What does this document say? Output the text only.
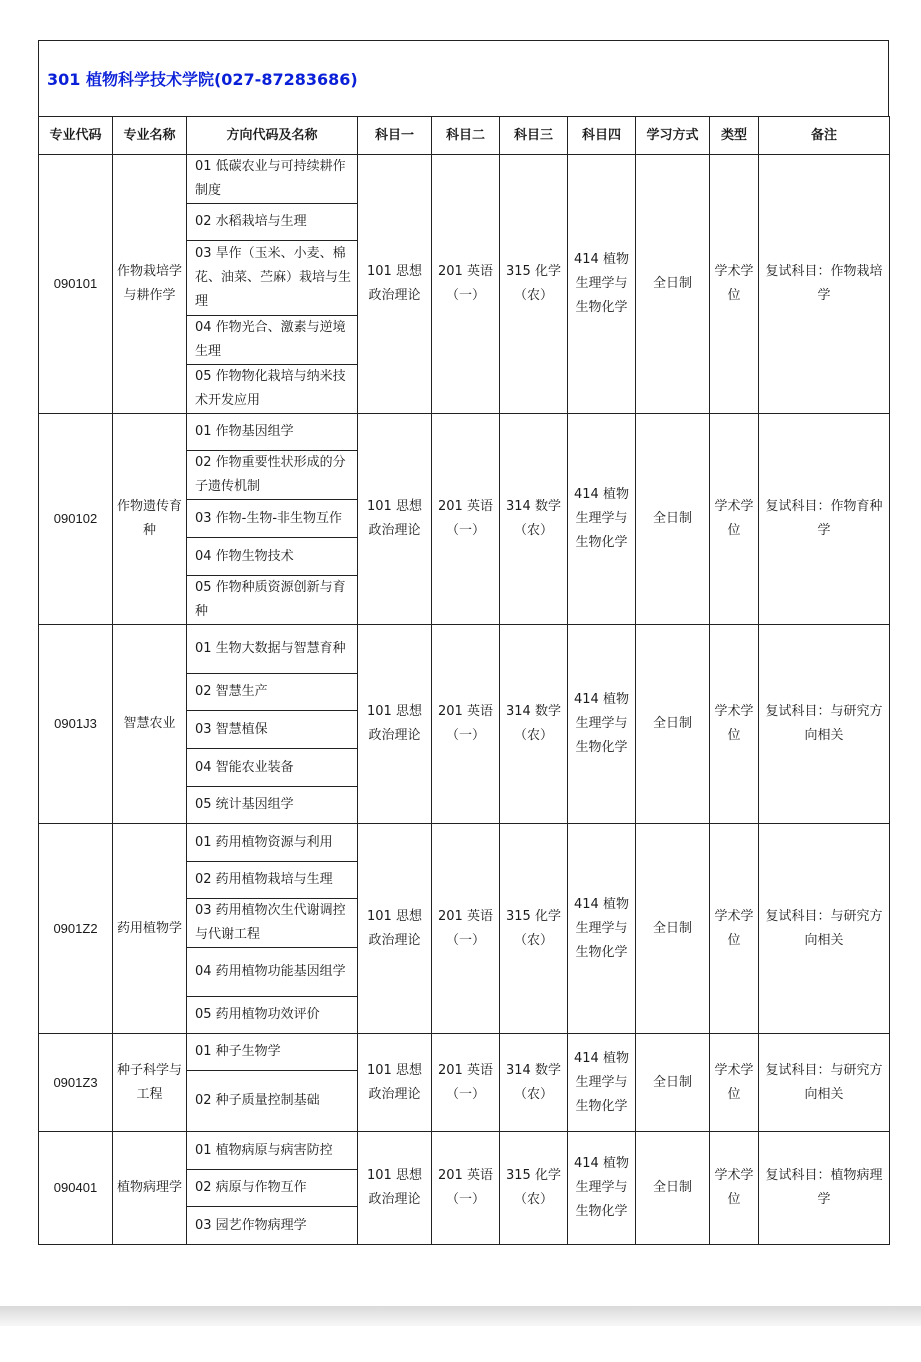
301 植物科学技术学院(027-87283686)
专业代码	专业名称	方向代码及名称	科目一	科目二	科目三	科目四	学习方式	类型	备注
090101	作物栽培学与耕作学	01 低碳农业与可持续耕作制度	101 思想政治理论	201 英语（一）	315 化学（农）	414 植物生理学与生物化学	全日制	学术学位	复试科目：作物栽培学
		02 水稻栽培与生理							
		03 旱作（玉米、小麦、棉花、油菜、苎麻）栽培与生理							
		04 作物光合、激素与逆境生理							
		05 作物物化栽培与纳米技术开发应用							
090102	作物遗传育种	01 作物基因组学	101 思想政治理论	201 英语（一）	314 数学（农）	414 植物生理学与生物化学	全日制	学术学位	复试科目：作物育种学
		02 作物重要性状形成的分子遗传机制							
		03 作物-生物-非生物互作							
		04 作物生物技术							
		05 作物种质资源创新与育种							
0901J3	智慧农业	01 生物大数据与智慧育种	101 思想政治理论	201 英语（一）	314 数学（农）	414 植物生理学与生物化学	全日制	学术学位	复试科目：与研究方向相关
		02 智慧生产							
		03 智慧植保							
		04 智能农业装备							
		05 统计基因组学							
0901Z2	药用植物学	01 药用植物资源与利用	101 思想政治理论	201 英语（一）	315 化学（农）	414 植物生理学与生物化学	全日制	学术学位	复试科目：与研究方向相关
		02 药用植物栽培与生理							
		03 药用植物次生代谢调控与代谢工程							
		04 药用植物功能基因组学							
		05 药用植物功效评价							
0901Z3	种子科学与工程	01 种子生物学	101 思想政治理论	201 英语（一）	314 数学（农）	414 植物生理学与生物化学	全日制	学术学位	复试科目：与研究方向相关
		02 种子质量控制基础							
090401	植物病理学	01 植物病原与病害防控	101 思想政治理论	201 英语（一）	315 化学（农）	414 植物生理学与生物化学	全日制	学术学位	复试科目：植物病理学
		02 病原与作物互作							
		03 园艺作物病理学							
